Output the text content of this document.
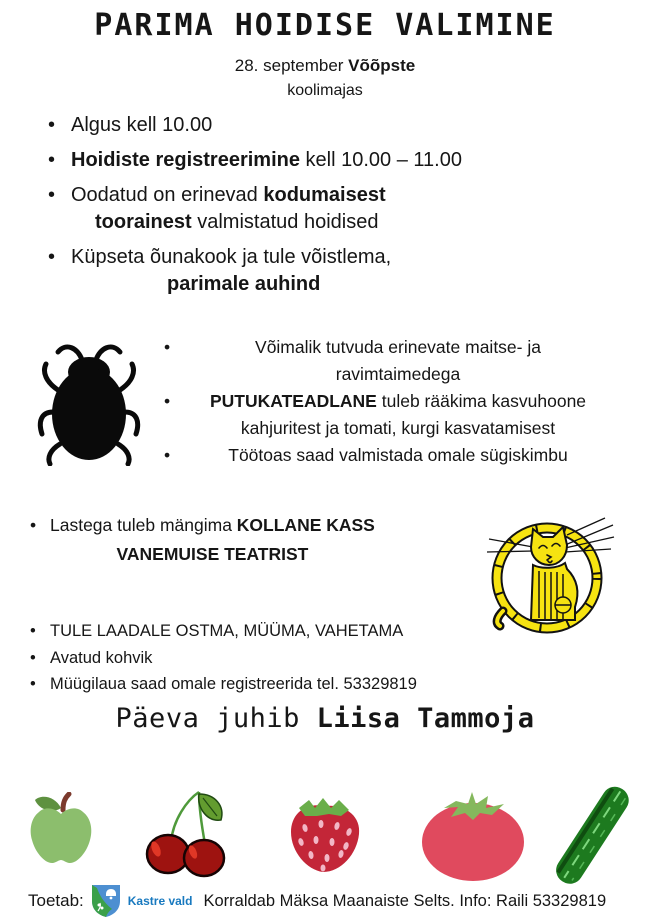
PARIMA HOIDISE VALIMINE
28. september Võõpste
koolimajas
• Algus kell 10.00
• Hoidiste registreerimine kell 10.00 – 11.00
• Oodatud on erinevad kodumaisest
toorainest valmistatud hoidised
• Küpseta õunakook ja tule võistlema,
parimale auhind
•	Võimalik tutvuda erinevate maitse- ja
ravimtaimedega
• PUTUKATEADLANE tuleb rääkima kasvuhoone
kahjuritest ja tomati, kurgi kasvatamisest
•	Töötoas saad valmistada omale sügiskimbu
• Lastega tuleb mängima KOLLANE KASS
VANEMUISE TEATRIST
• TULE LAADALE OSTMA, MÜÜMA, VAHETAMA
• Avatud kohvik
• Müügilaua saad omale registreerida tel. 53329819
Päeva juhib Liisa Tammoja
Toetab:	Kastre vald Korraldab Mäksa Maanaiste Selts. Info: Raili 53329819
